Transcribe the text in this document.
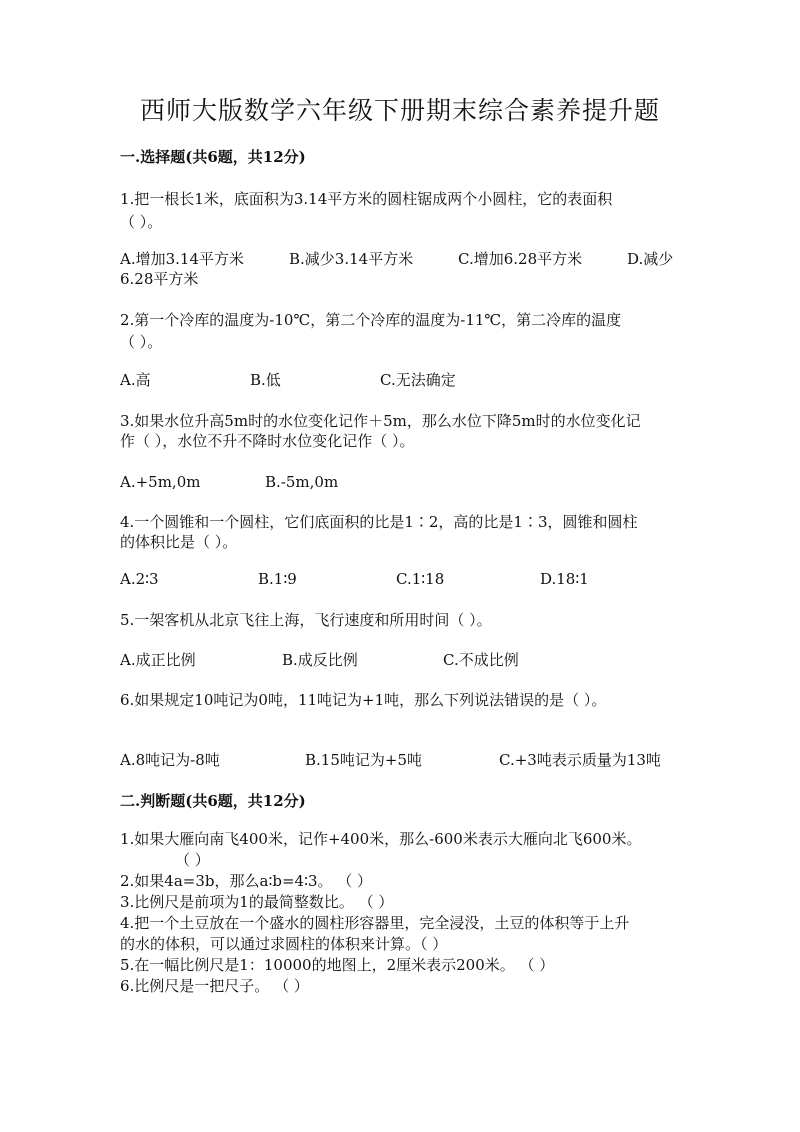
西师大版数学六年级下册期末综合素养提升题
一.选择题(共6题，共12分)
1.把一根长1米，底面积为3.14平方米的圆柱锯成两个小圆柱，它的表面积
（ ）。
A.增加3.14平方米	B.减少3.14平方米	C.增加6.28平方米	D.减少
6.28平方米
2.第一个冷库的温度为-10℃，第二个冷库的温度为-11℃，第二冷库的温度
（ ）。
A.高	B.低	C.无法确定
3.如果水位升高5m时的水位变化记作＋5m，那么水位下降5m时的水位变化记
作（ ），水位不升不降时水位变化记作（ ）。
A.+5m,0m	B.-5m,0m
4.一个圆锥和一个圆柱，它们底面积的比是1∶2，高的比是1∶3，圆锥和圆柱
的体积比是（ ）。
A.2∶3	B.1∶9	C.1∶18	D.18∶1
5.一架客机从北京飞往上海，飞行速度和所用时间（ ）。
A.成正比例	B.成反比例	C.不成比例
6.如果规定10吨记为0吨，11吨记为+1吨，那么下列说法错误的是（ ）。
A.8吨记为-8吨	B.15吨记为+5吨	C.+3吨表示质量为13吨
二.判断题(共6题，共12分)
1.如果大雁向南飞400米，记作+400米，那么-600米表示大雁向北飞600米。
（ ）
2.如果4a=3b，那么a∶b=4∶3。 （ ）
3.比例尺是前项为1的最简整数比。 （ ）
4.把一个土豆放在一个盛水的圆柱形容器里，完全浸没，土豆的体积等于上升
的水的体积，可以通过求圆柱的体积来计算。（ ）
5.在一幅比例尺是1：10000的地图上，2厘米表示200米。 （ ）
6.比例尺是一把尺子。 （ ）
